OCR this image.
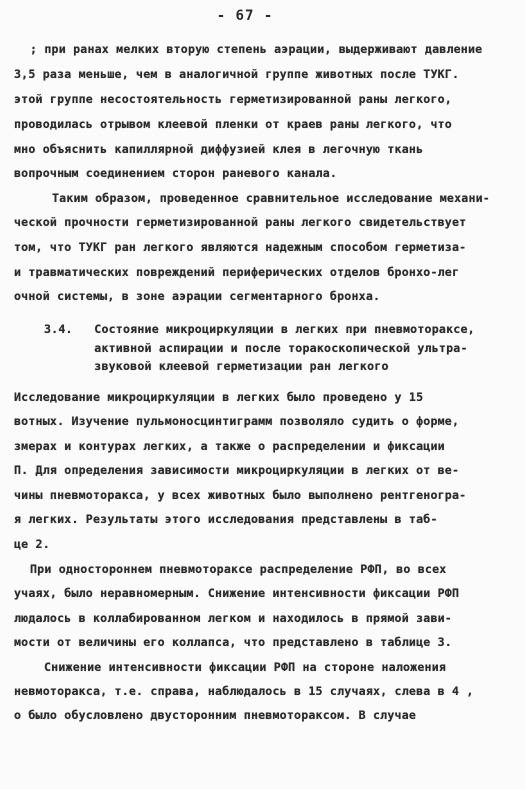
- 67 -
; при ранах мелких вторую степень аэрации, выдерживают давление
3,5 раза меньше, чем в аналогичной группе животных после ТУКГ.
этой группе несостоятельность герметизированной раны легкого,
проводилась отрывом клеевой пленки от краев раны легкого, что
мно объяснить капиллярной диффузией клея в легочную ткань
вопрочным соединением сторон раневого канала.
Таким образом, проведенное сравнительное исследование механи-
ческой прочности герметизированной раны легкого свидетельствует
том, что ТУКГ ран легкого являются надежным способом герметиза-
и травматических повреждений периферических отделов бронхо-лег
очной системы, в зоне аэрации сегментарного бронха.
3.4.   Состояние микроциркуляции в легких при пневмотораксе,
активной аспирации и после торакоскопической ультра-
звуковой клеевой герметизации ран легкого
Исследование микроциркуляции в легких было проведено у 15
вотных. Изучение пульмоносцинтиграмм позволяло судить о форме,
змерах и контурах легких, а также о распределении и фиксации
П. Для определения зависимости микроциркуляции в легких от ве-
чины пневмоторакса, у всех животных было выполнено рентгеногра-
я легких. Результаты этого исследования представлены в таб-
це 2.
При одностороннем пневмотораксе распределение РФП, во всех
учаях, было неравномерным. Снижение интенсивности фиксации РФП
людалось в коллабированном легком и находилось в прямой зави-
мости от величины его коллапса, что представлено в таблице 3.
Снижение интенсивности фиксации РФП на стороне наложения
невмоторакса, т.е. справа, наблюдалось в 15 случаях, слева в 4 ,
о было обусловлено двусторонним пневмотораксом. В случае
